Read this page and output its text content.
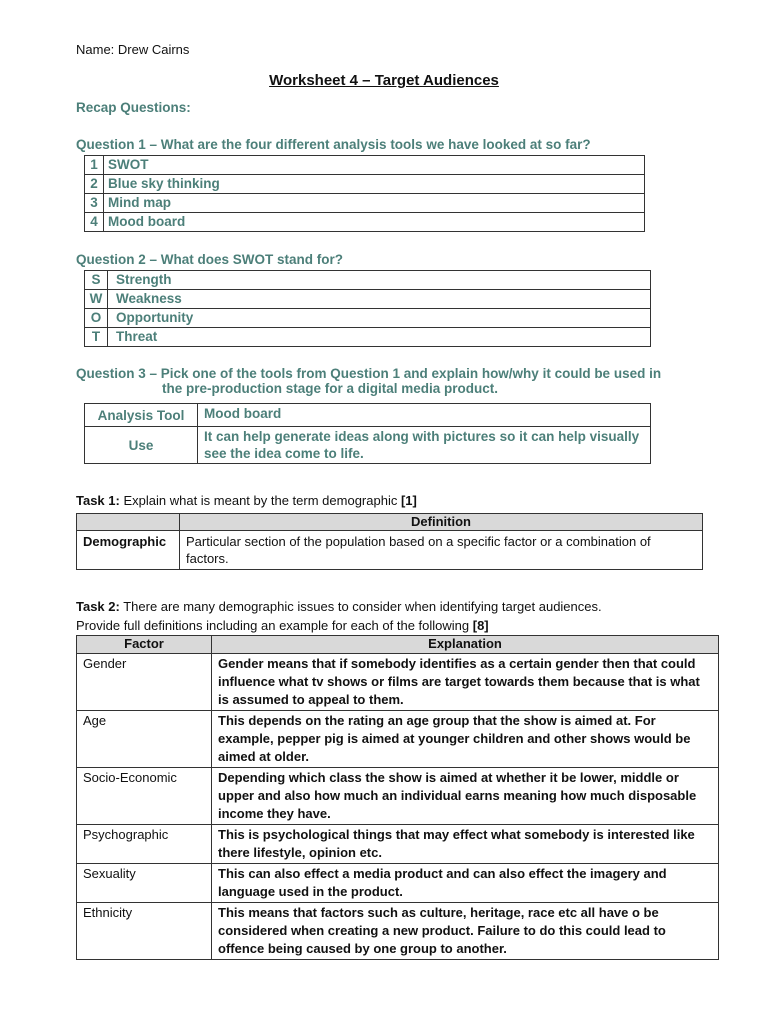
Name: Drew Cairns
Worksheet 4 – Target Audiences
Recap Questions:
Question 1 – What are the four different analysis tools we have looked at so far?
1	SWOT
2	Blue sky thinking
3	Mind map
4	Mood board
Question 2 – What does SWOT stand for?
S	Strength
W	Weakness
O	Opportunity
T	Threat
Question 3 – Pick one of the tools from Question 1 and explain how/why it could be used in
the pre-production stage for a digital media product.
Analysis Tool	Mood board
Use	It can help generate ideas along with pictures so it can help visually see the idea come to life.
Task 1: Explain what is meant by the term demographic [1]
	Definition
Demographic	Particular section of the population based on a specific factor or a combination of factors.
Task 2: There are many demographic issues to consider when identifying target audiences.
Provide full definitions including an example for each of the following [8]
Factor	Explanation
Gender	Gender means that if somebody identifies as a certain gender then that could influence what tv shows or films are target towards them because that is what is assumed to appeal to them.
Age	This depends on the rating an age group that the show is aimed at. For example, pepper pig is aimed at younger children and other shows would be aimed at older.
Socio-Economic	Depending which class the show is aimed at whether it be lower, middle or upper and also how much an individual earns meaning how much disposable income they have.
Psychographic	This is psychological things that may effect what somebody is interested like there lifestyle, opinion etc.
Sexuality	This can also effect a media product and can also effect the imagery and language used in the product.
Ethnicity	This means that factors such as culture, heritage, race etc all have o be considered when creating a new product. Failure to do this could lead to offence being caused by one group to another.
